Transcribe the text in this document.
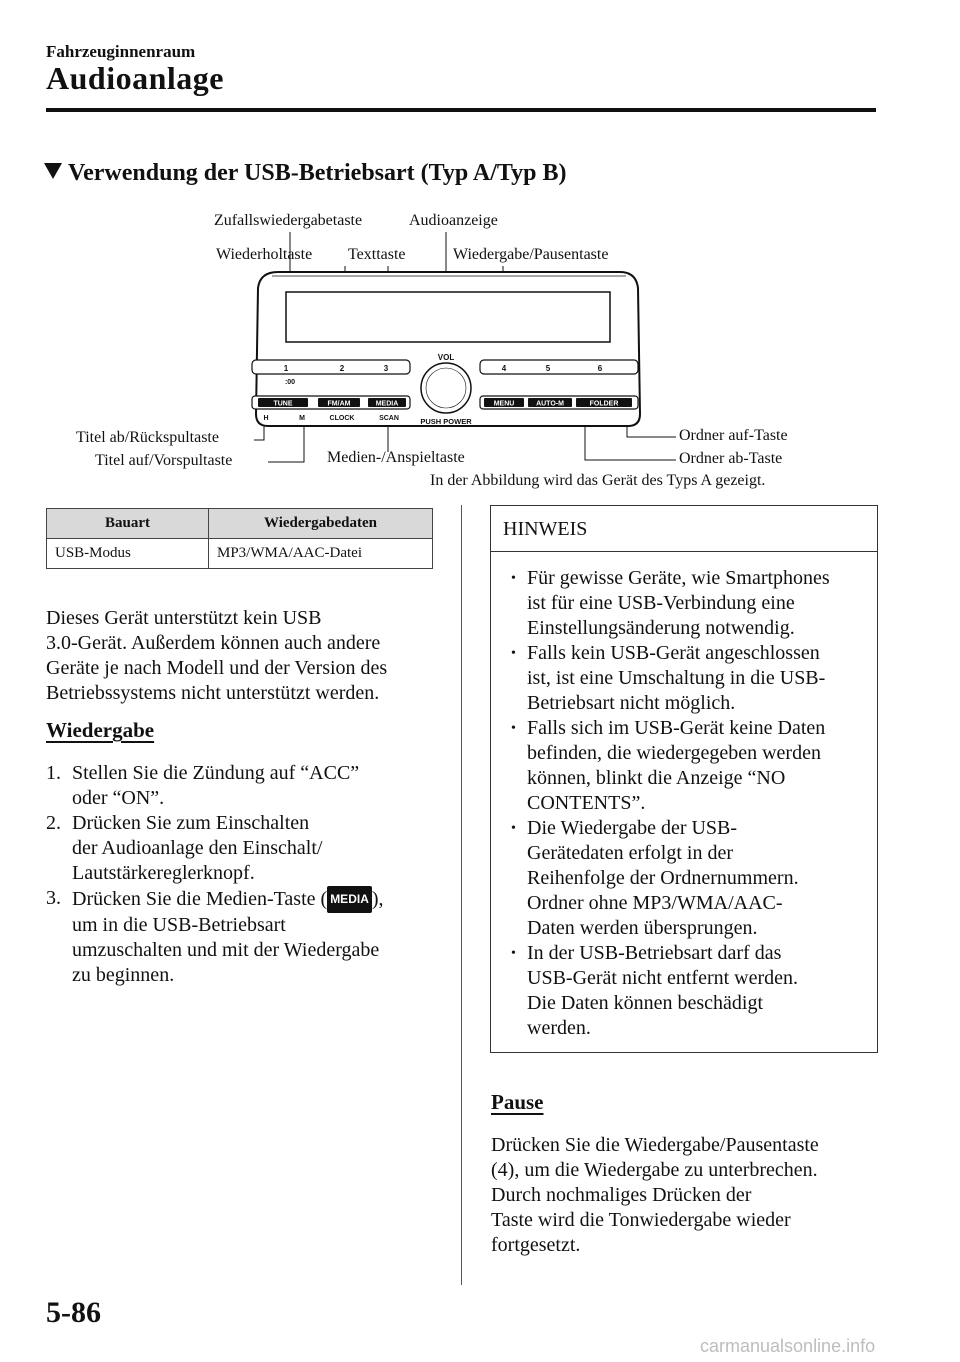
Fahrzeuginnenraum
Audioanlage
Verwendung der USB-Betriebsart (Typ A/Typ B)
Zufallswiedergabetaste	Audioanzeige
Wiederholtaste Texttaste	Wiedergabe/Pausentaste
Titel ab/Rückspultaste
Titel auf/Vorspultaste	Medien-/Anspieltaste
Ordner auf-Taste
Ordner ab-Taste
In der Abbildung wird das Gerät des Typs A gezeigt.
1	2	3	4	5	6
:00
VOL
PUSH POWER
TUNE	FM/AM	MEDIA	MENU	AUTO-M	FOLDER
H	M	CLOCK	SCAN
Bauart	Wiedergabedaten
USB-Modus	MP3/WMA/AAC-Datei
Dieses Gerät unterstützt kein USB
3.0-Gerät. Außerdem können auch andere
Geräte je nach Modell und der Version des
Betriebssystems nicht unterstützt werden.
Wiedergabe
1. Stellen Sie die Zündung auf “ACC”
oder “ON”.
2. Drücken Sie zum Einschalten
der Audioanlage den Einschalt/
Lautstärkereglerknopf.
3. Drücken Sie die Medien-Taste ( MEDIA ),
um in die USB-Betriebsart
umzuschalten und mit der Wiedergabe
zu beginnen.
HINWEIS
• Für gewisse Geräte, wie Smartphones
ist für eine USB-Verbindung eine
Einstellungsänderung notwendig.
• Falls kein USB-Gerät angeschlossen
ist, ist eine Umschaltung in die USB-
Betriebsart nicht möglich.
• Falls sich im USB-Gerät keine Daten
befinden, die wiedergegeben werden
können, blinkt die Anzeige “NO
CONTENTS”.
• Die Wiedergabe der USB-
Gerätedaten erfolgt in der
Reihenfolge der Ordnernummern.
Ordner ohne MP3/WMA/AAC-
Daten werden übersprungen.
• In der USB-Betriebsart darf das
USB-Gerät nicht entfernt werden.
Die Daten können beschädigt
werden.
Pause
Drücken Sie die Wiedergabe/Pausentaste
(4), um die Wiedergabe zu unterbrechen.
Durch nochmaliges Drücken der
Taste wird die Tonwiedergabe wieder
fortgesetzt.
5-86
carmanualsonline.info
